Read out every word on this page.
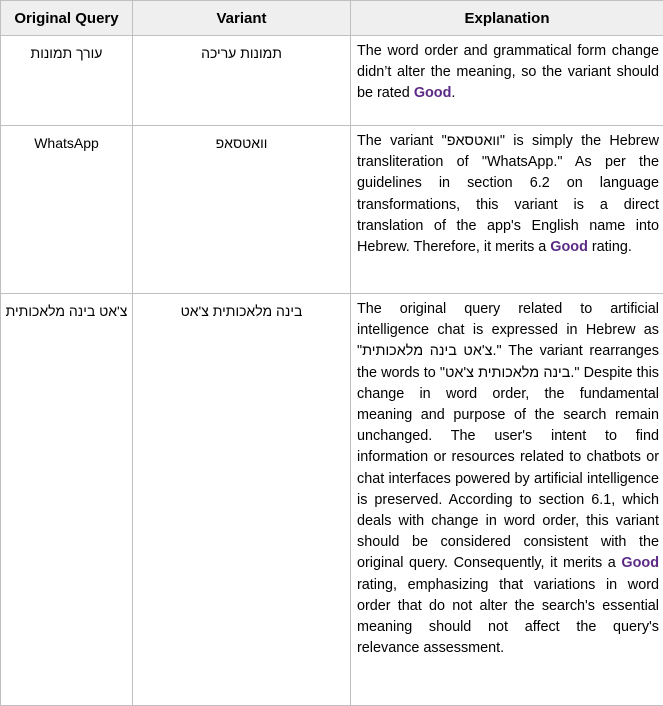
Original Query	Variant	Explanation
עורך תמונות	תמונות עריכה	The word order and grammatical form change didn’t alter the meaning, so the variant should be rated Good.
WhatsApp	וואטסאפ	The variant "וואטסאפ" is simply the Hebrew transliteration of "WhatsApp." As per the guidelines in section 6.2 on language transformations, this variant is a direct translation of the app's English name into Hebrew. Therefore, it merits a Good rating.
צ'אט בינה מלאכותית	בינה מלאכותית צ'אט	The original query related to artificial intelligence chat is expressed in Hebrew as "צ'אט בינה מלאכותית." The variant rearranges the words to "בינה מלאכותית צ'אט." Despite this change in word order, the fundamental meaning and purpose of the search remain unchanged. The user's intent to find information or resources related to chatbots or chat interfaces powered by artificial intelligence is preserved. According to section 6.1, which deals with change in word order, this variant should be considered consistent with the original query. Consequently, it merits a Good rating, emphasizing that variations in word order that do not alter the search's essential meaning should not affect the query's relevance assessment.
